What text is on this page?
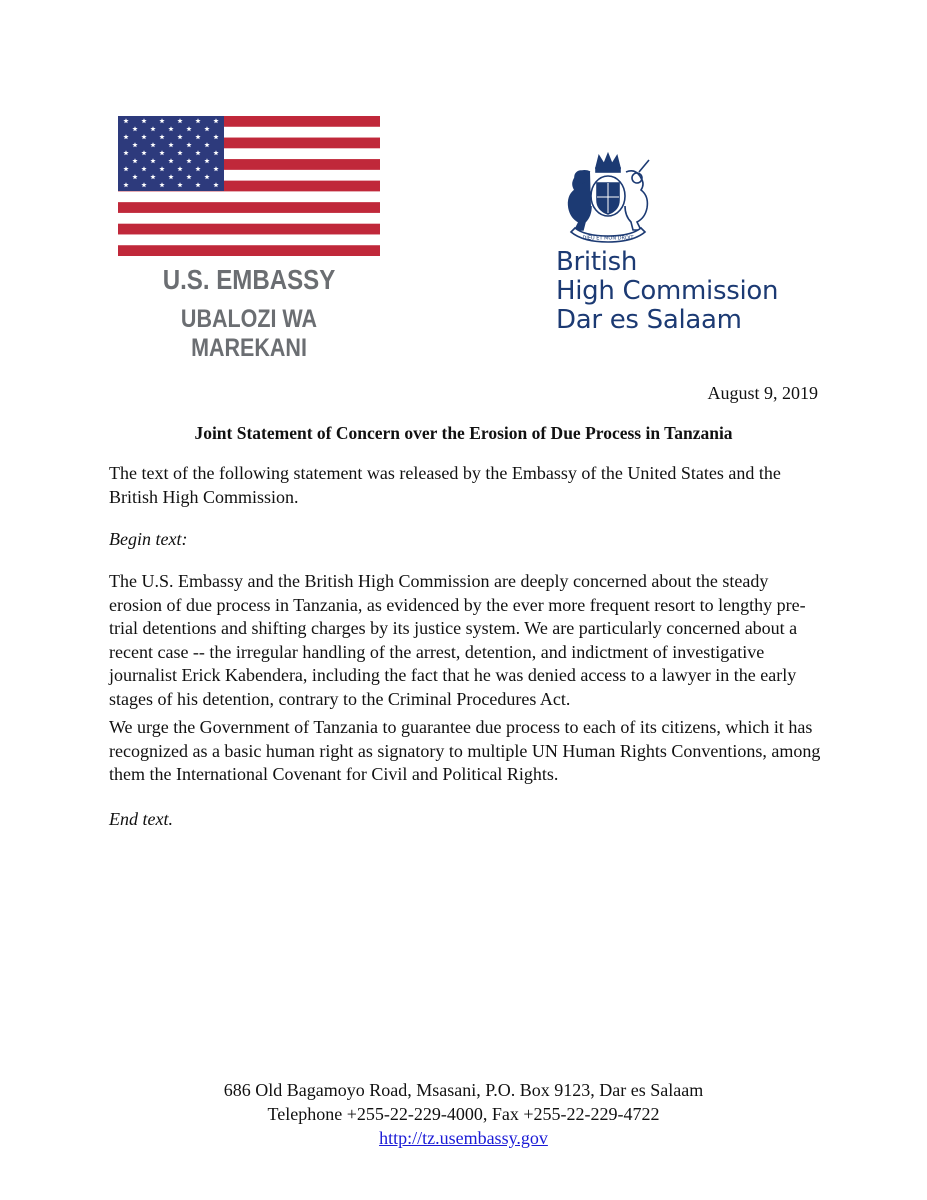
U.S. EMBASSY
UBALOZI WA MAREKANI
DIEU ET MON DROIT
British
High Commission
Dar es Salaam
August 9, 2019
Joint Statement of Concern over the Erosion of Due Process in Tanzania

The text of the following statement was released by the Embassy of the United States and the British High Commission.

Begin text:

The U.S. Embassy and the British High Commission are deeply concerned about the steady erosion of due process in Tanzania, as evidenced by the ever more frequent resort to lengthy pre-trial detentions and shifting charges by its justice system. We are particularly concerned about a recent case -- the irregular handling of the arrest, detention, and indictment of investigative journalist Erick Kabendera, including the fact that he was denied access to a lawyer in the early stages of his detention, contrary to the Criminal Procedures Act.

We urge the Government of Tanzania to guarantee due process to each of its citizens, which it has recognized as a basic human right as signatory to multiple UN Human Rights Conventions, among them the International Covenant for Civil and Political Rights.

End text.

686 Old Bagamoyo Road, Msasani, P.O. Box 9123, Dar es Salaam
Telephone +255-22-229-4000, Fax +255-22-229-4722
http://tz.usembassy.gov
